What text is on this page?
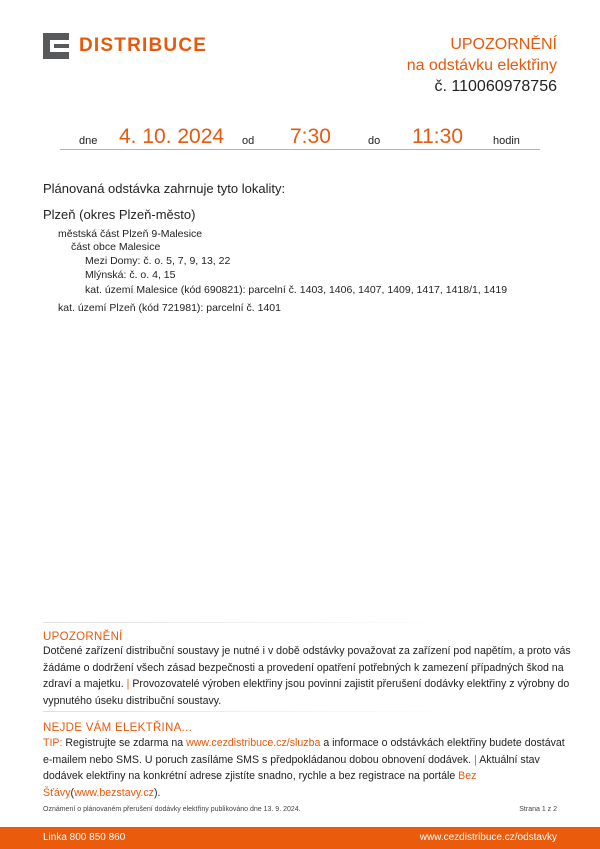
DISTRIBUCE	UPOZORNĚNÍ
na odstávku elektřiny
č. 110060978756
dne 4. 10. 2024 od 7:30	do 11:30	hodin
Plánovaná odstávka zahrnuje tyto lokality:
Plzeň (okres Plzeň-město)
městská část Plzeň 9-Malesice
část obce Malesice
Mezi Domy: č. o. 5, 7, 9, 13, 22
Mlýnská: č. o. 4, 15
kat. území Malesice (kód 690821): parcelní č. 1403, 1406, 1407, 1409, 1417, 1418/1, 1419
kat. území Plzeň (kód 721981): parcelní č. 1401
UPOZORNĚNÍ
Dotčené zařízení distribuční soustavy je nutné i v době odstávky považovat za zařízení pod napětím, a proto vás žádáme o dodržení všech zásad bezpečnosti a provedení opatření potřebných k zamezení případných škod na zdraví a majetku. | Provozovatelé výroben elektřiny jsou povinni zajistit přerušení dodávky elektřiny z výrobny do vypnutého úseku distribuční soustavy.
NEJDE VÁM ELEKTŘINA...
TIP: Registrujte se zdarma na www.cezdistribuce.cz/sluzba a informace o odstávkách elektřiny budete dostávat e-mailem nebo SMS. U poruch zasíláme SMS s předpokládanou dobou obnovení dodávek. | Aktuální stav dodávek elektřiny na konkrétní adrese zjistíte snadno, rychle a bez registrace na portále Bez Šťávy(www.bezstavy.cz).
Oznámení o plánovaném přerušení dodávky elektřiny publikováno dne 13. 9. 2024.	Strana 1 z 2
Linka 800 850 860	www.cezdistribuce.cz/odstavky
